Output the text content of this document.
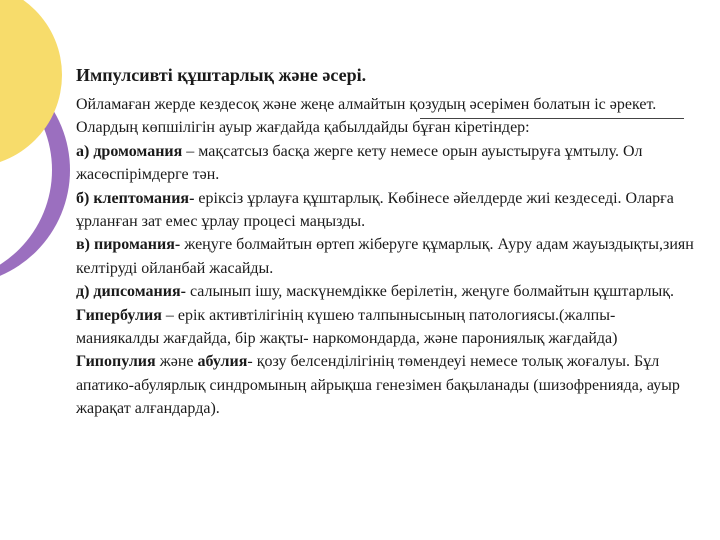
Импулсивті құштарлық және әсері.

Ойламаған жерде кездесоқ және жеңе алмайтын қозудың әсерімен болатын іс әрекет. Олардың көпшілігін ауыр жағдайда қабылдайды бұған кіретіндер:

а) дромомания – мақсатсыз басқа жерге кету немесе орын ауыстыруға ұмтылу. Ол жасөспірімдерге тән.

б) клептомания- еріксіз ұрлауға құштарлық. Көбінесе әйелдерде жиі кездеседі. Оларға ұрланған зат емес ұрлау процесі маңызды.

в) пиромания- жеңуге болмайтын өртеп жіберуге құмарлық. Ауру адам жауыздықты,зиян келтіруді ойланбай жасайды.

д) дипсомания- салынып ішу, маскүнемдікке берілетін, жеңуге болмайтын құштарлық.

Гипербулия – ерік активтілігінің күшею талпынысының патологиясы.(жалпы- маниякалды жағдайда, бір жақты- наркомондарда, және парониялық жағдайда)

Гипопулия және абулия- қозу белсенділігінің төмендеуі немесе толық жоғалуы. Бұл апатико-абулярлық синдромының айрықша генезімен бақыланады (шизофренияда, ауыр жарақат алғандарда).
